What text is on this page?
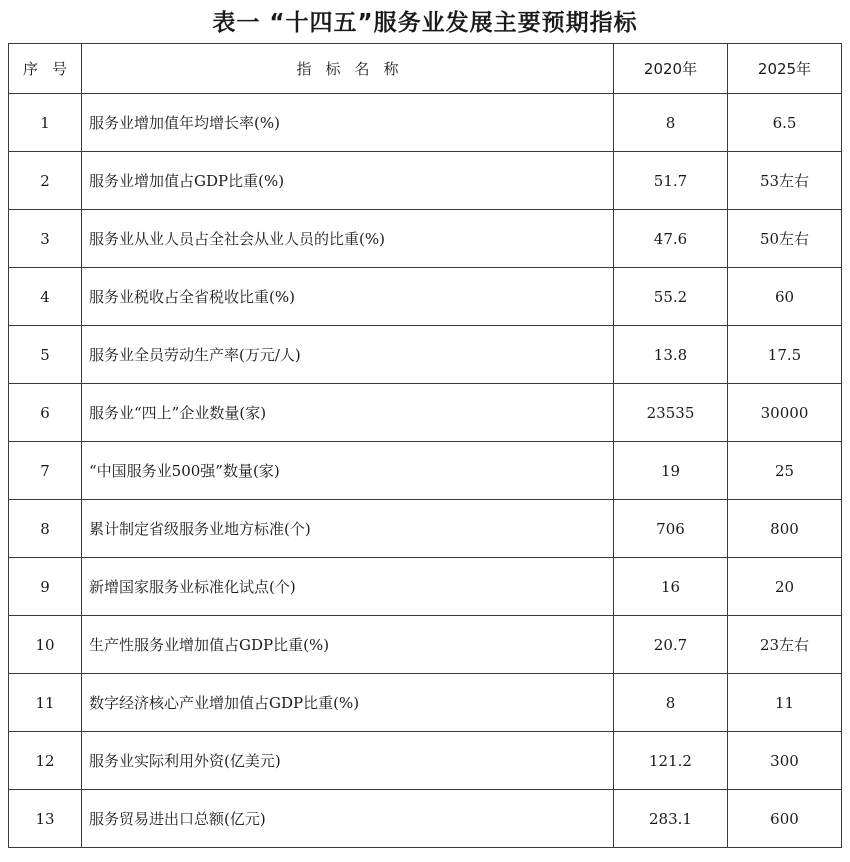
表一 “十四五”服务业发展主要预期指标
序号	指标名称	2020年	2025年
1	服务业增加值年均增长率(%)	8	6.5
2	服务业增加值占GDP比重(%)	51.7	53左右
3	服务业从业人员占全社会从业人员的比重(%)	47.6	50左右
4	服务业税收占全省税收比重(%)	55.2	60
5	服务业全员劳动生产率(万元/人)	13.8	17.5
6	服务业“四上”企业数量(家)	23535	30000
7	“中国服务业500强”数量(家)	19	25
8	累计制定省级服务业地方标准(个)	706	800
9	新增国家服务业标准化试点(个)	16	20
10	生产性服务业增加值占GDP比重(%)	20.7	23左右
11	数字经济核心产业增加值占GDP比重(%)	8	11
12	服务业实际利用外资(亿美元)	121.2	300
13	服务贸易进出口总额(亿元)	283.1	600
